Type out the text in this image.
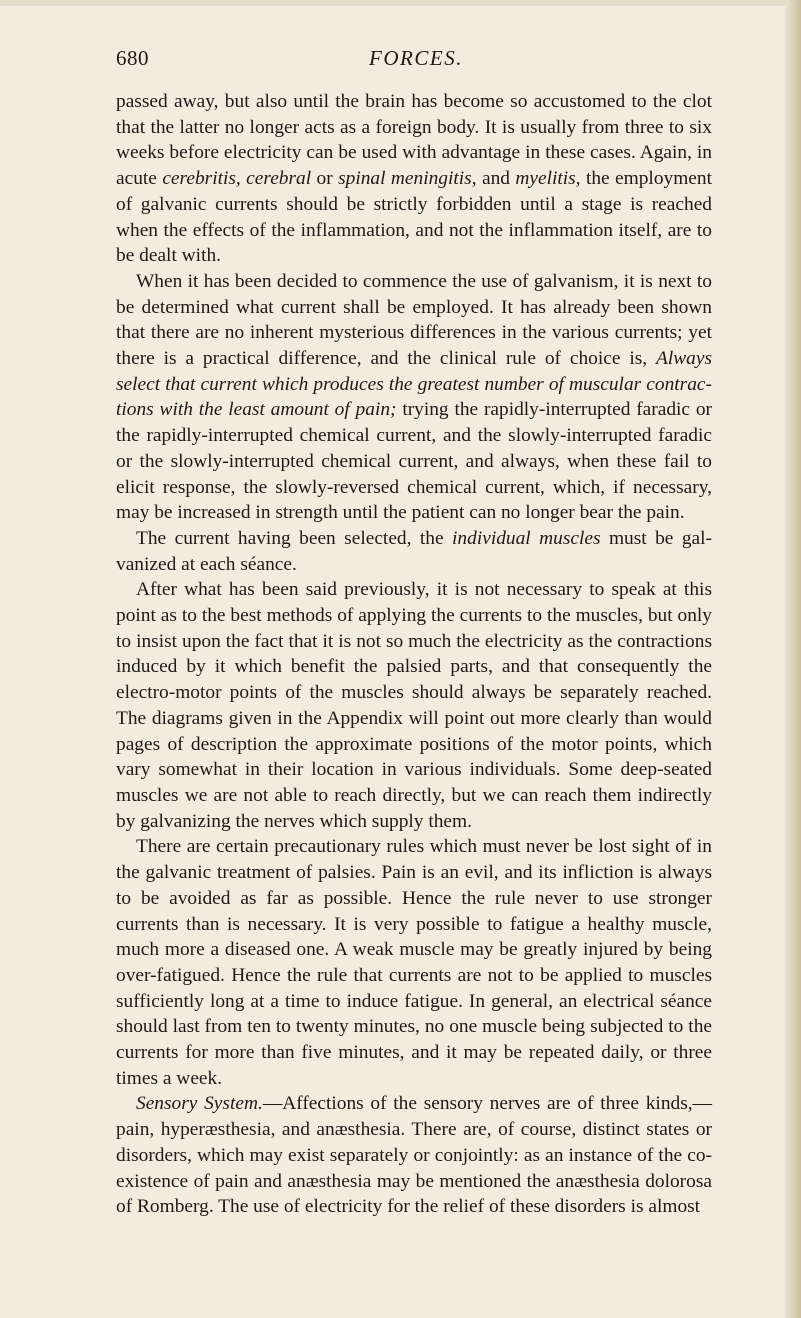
680	FORCES.

passed away, but also until the brain has become so accustomed to the clot that the latter no longer acts as a foreign body. It is usually from three to six weeks before electricity can be used with advantage in these cases. Again, in acute cerebritis, cerebral or spinal meningitis, and myelitis, the employment of galvanic currents should be strictly forbidden until a stage is reached when the effects of the inflammation, and not the inflammation itself, are to be dealt with.

When it has been decided to commence the use of galvanism, it is next to be determined what current shall be employed. It has already been shown that there are no inherent mysterious differences in the various currents; yet there is a practical difference, and the clinical rule of choice is, Always select that current which produces the greatest number of muscular contractions with the least amount of pain; trying the rapidly-interrupted faradic or the rapidly-interrupted chemical current, and the slowly-interrupted faradic or the slowly-interrupted chemical current, and always, when these fail to elicit response, the slowly-reversed chemical current, which, if necessary, may be increased in strength until the patient can no longer bear the pain.

The current having been selected, the individual muscles must be galvanized at each séance.

After what has been said previously, it is not necessary to speak at this point as to the best methods of applying the currents to the muscles, but only to insist upon the fact that it is not so much the electricity as the contractions induced by it which benefit the palsied parts, and that consequently the electro-motor points of the muscles should always be separately reached. The diagrams given in the Appendix will point out more clearly than would pages of description the approximate positions of the motor points, which vary somewhat in their location in various individuals. Some deep-seated muscles we are not able to reach directly, but we can reach them indirectly by galvanizing the nerves which supply them.

There are certain precautionary rules which must never be lost sight of in the galvanic treatment of palsies. Pain is an evil, and its infliction is always to be avoided as far as possible. Hence the rule never to use stronger currents than is necessary. It is very possible to fatigue a healthy muscle, much more a diseased one. A weak muscle may be greatly injured by being over-fatigued. Hence the rule that currents are not to be applied to muscles sufficiently long at a time to induce fatigue. In general, an electrical séance should last from ten to twenty minutes, no one muscle being subjected to the currents for more than five minutes, and it may be repeated daily, or three times a week.

Sensory System.—Affections of the sensory nerves are of three kinds,—pain, hyperæsthesia, and anæsthesia. There are, of course, distinct states or disorders, which may exist separately or conjointly: as an instance of the co-existence of pain and anæsthesia may be mentioned the anæsthesia dolorosa of Romberg. The use of electricity for the relief of these disorders is almost
